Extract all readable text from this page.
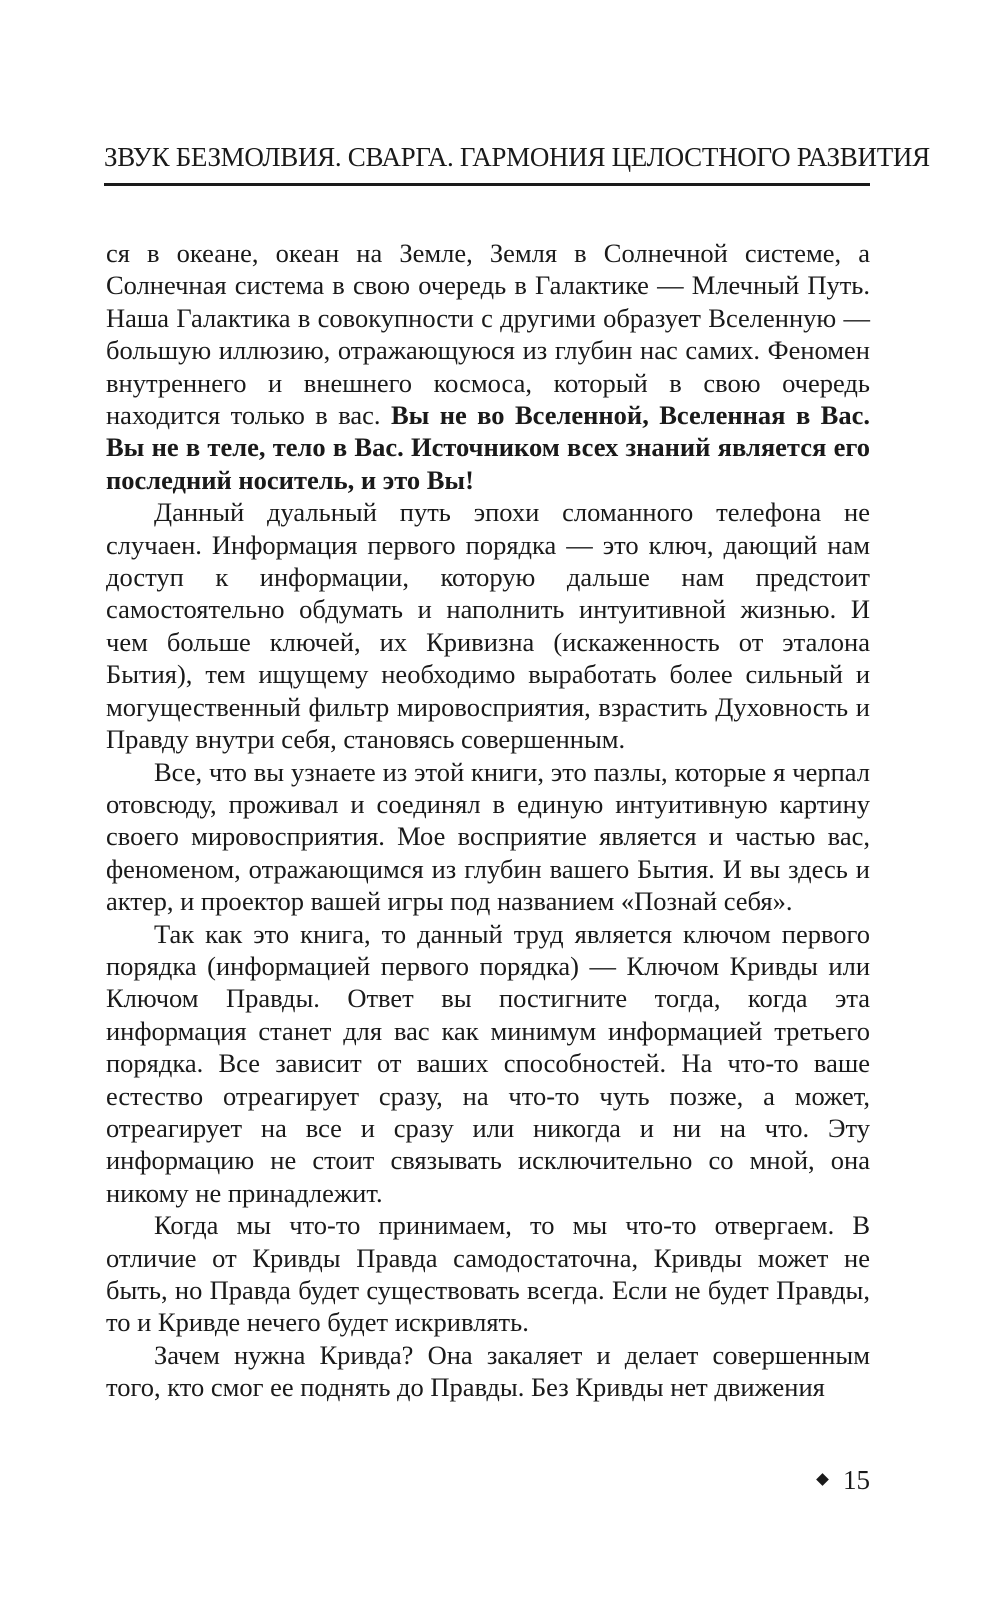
ЗВУК БЕЗМОЛВИЯ. СВАРГА. ГАРМОНИЯ ЦЕЛОСТНОГО РАЗВИТИЯ

ся в океане, океан на Земле, Земля в Солнечной системе, а Солнечная система в свою очередь в Галактике — Млечный Путь. Наша Галактика в совокупности с другими образует Вселенную — большую иллюзию, отражающуюся из глубин нас самих. Феномен внутреннего и внешнего космоса, который в свою очередь находится только в вас. Вы не во Вселенной, Вселенная в Вас. Вы не в теле, тело в Вас. Источником всех знаний является его последний носитель, и это Вы!

Данный дуальный путь эпохи сломанного телефона не случаен. Информация первого порядка — это ключ, дающий нам доступ к информации, которую дальше нам предстоит самостоятельно обдумать и наполнить интуитивной жизнью. И чем больше ключей, их Кривизна (искаженность от эталона Бытия), тем ищущему необходимо выработать более сильный и могущественный фильтр мировосприятия, взрастить Духовность и Правду внутри себя, становясь совершенным.

Все, что вы узнаете из этой книги, это пазлы, которые я черпал отовсюду, проживал и соединял в единую интуитивную картину своего мировосприятия. Мое восприятие является и частью вас, феноменом, отражающимся из глубин вашего Бытия. И вы здесь и актер, и проектор вашей игры под названием «Познай себя».

Так как это книга, то данный труд является ключом первого порядка (информацией первого порядка) — Ключом Кривды или Ключом Правды. Ответ вы постигните тогда, когда эта информация станет для вас как минимум информацией третьего порядка. Все зависит от ваших способностей. На что-то ваше естество отреагирует сразу, на что-то чуть позже, а может, отреагирует на все и сразу или никогда и ни на что. Эту информацию не стоит связывать исключительно со мной, она никому не принадлежит.

Когда мы что-то принимаем, то мы что-то отвергаем. В отличие от Кривды Правда самодостаточна, Кривды может не быть, но Правда будет существовать всегда. Если не будет Правды, то и Кривде нечего будет искривлять.

Зачем нужна Кривда? Она закаляет и делает совершенным того, кто смог ее поднять до Правды. Без Кривды нет движения

15
